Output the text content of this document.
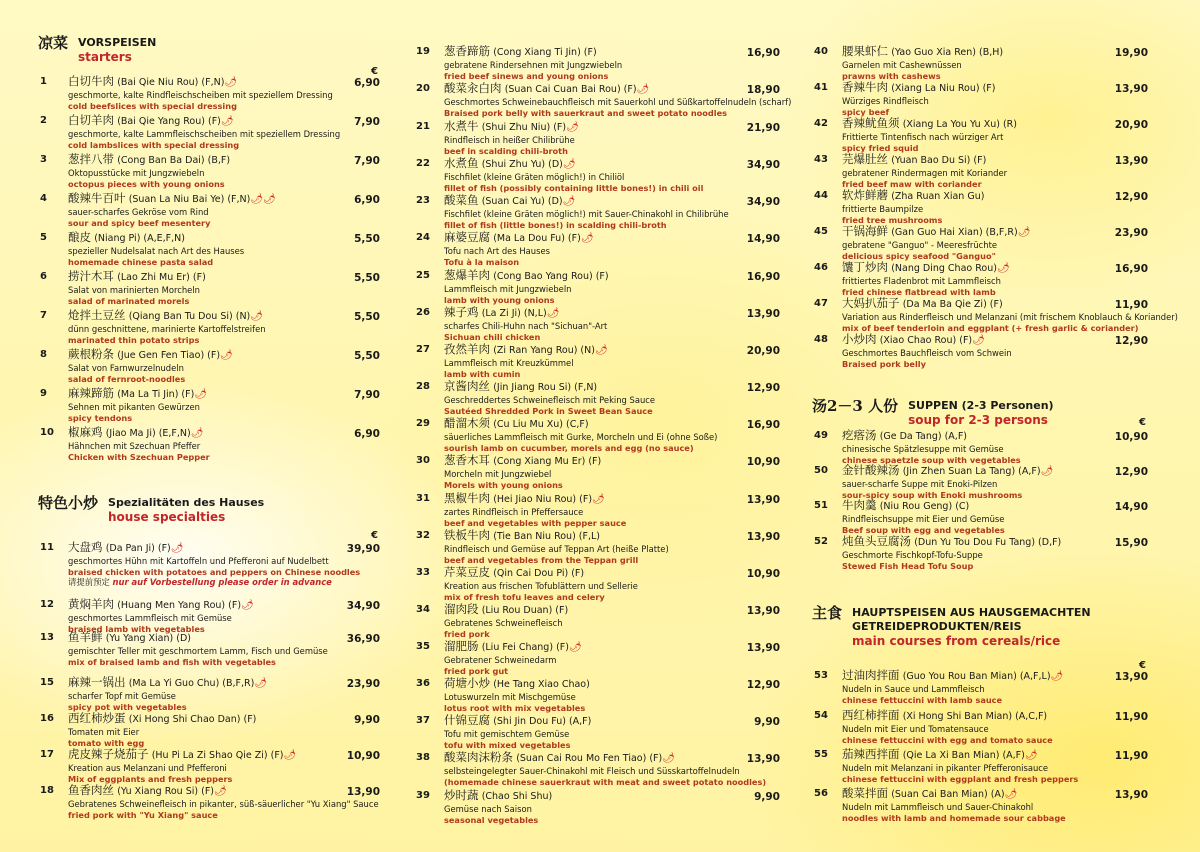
凉菜 VORSPEISEN
starters
€
1	白切牛肉 (Bai Qie Niu Rou) (F,N)🌶
geschmorte, kalte Rindfleischscheiben mit speziellem Dressing
cold beefslices with special dressing
6,90
2	白切羊肉 (Bai Qie Yang Rou) (F)🌶
geschmorte, kalte Lammfleischscheiben mit speziellem Dressing
cold lambslices with special dressing
7,90
3	葱拌八带 (Cong Ban Ba Dai) (B,F)
Oktopusstücke mit Jungzwiebeln
octopus pieces with young onions
7,90
4	酸辣牛百叶 (Suan La Niu Bai Ye) (F,N)🌶🌶
sauer-scharfes Gekröse vom Rind
sour and spicy beef mesentery
6,90
5	酿皮 (Niang Pi) (A,E,F,N)
spezieller Nudelsalat nach Art des Hauses
homemade chinese pasta salad
5,50
6	捞汁木耳 (Lao Zhi Mu Er) (F)
Salat von marinierten Morcheln
salad of marinated morels
5,50
7	炝拌土豆丝 (Qiang Ban Tu Dou Si) (N)🌶
dünn geschnittene, marinierte Kartoffelstreifen
marinated thin potato strips
5,50
8	蕨根粉条 (Jue Gen Fen Tiao) (F)🌶
Salat von Farnwurzelnudeln
salad of fernroot-noodles
5,50
9	麻辣蹄筋 (Ma La Ti Jin) (F)🌶
Sehnen mit pikanten Gewürzen
spicy tendons
7,90
10	椒麻鸡 (Jiao Ma Ji) (E,F,N)🌶
Hähnchen mit Szechuan Pfeffer
Chicken with Szechuan Pepper
6,90
特色小炒 Spezialitäten des Hauses
house specialties
€
11	大盘鸡 (Da Pan Ji) (F)🌶
geschmortes Hühn mit Kartoffeln und Pfefferoni auf Nudelbett
braised chicken with potatoes and peppers on Chinese noodles
39,90
12	黄焖羊肉 (Huang Men Yang Rou) (F)🌶
geschmortes Lammfleisch mit Gemüse
braised lamb with vegetables
34,90
13	鱼羊鲜 (Yu Yang Xian) (D)
gemischter Teller mit geschmortem Lamm, Fisch und Gemüse
mix of braised lamb and fish with vegetables
36,90
15	麻辣一锅出 (Ma La Yi Guo Chu) (B,F,R)🌶
scharfer Topf mit Gemüse
spicy pot with vegetables
23,90
16	西红柿炒蛋 (Xi Hong Shi Chao Dan) (F)
Tomaten mit Eier
tomato with egg
9,90
17	虎皮辣子烧茄子 (Hu Pi La Zi Shao Qie Zi) (F)🌶
Kreation aus Melanzani und Pfefferoni
Mix of eggplants and fresh peppers
10,90
18	鱼香肉丝 (Yu Xiang Rou Si) (F)🌶
Gebratenes Schweinefleisch in pikanter, süß-säuerlicher "Yu Xiang" Sauce
fried pork with "Yu Xiang" sauce
13,90
请提前预定 nur auf Vorbestellung please order in advance
19	葱香蹄筋 (Cong Xiang Ti Jin) (F)
gebratene Rindersehnen mit Jungzwiebeln
fried beef sinews and young onions
16,90
20	酸菜汆白肉 (Suan Cai Cuan Bai Rou) (F)🌶
Geschmortes Schweinebauchfleisch mit Sauerkohl und Süßkartoffelnudeln (scharf)
Braised pork belly with sauerkraut and sweet potato noodles
18,90
21	水煮牛 (Shui Zhu Niu) (F)🌶
Rindfleisch in heißer Chilibrühe
beef in scalding chili-broth
21,90
22	水煮鱼 (Shui Zhu Yu) (D)🌶
Fischfilet (kleine Gräten möglich!) in Chiliöl
fillet of fish (possibly containing little bones!) in chili oil
34,90
23	酸菜鱼 (Suan Cai Yu) (D)🌶
Fischfilet (kleine Gräten möglich!) mit Sauer-Chinakohl in Chilibrühe
fillet of fish (little bones!) in scalding chili-broth
34,90
24	麻婆豆腐 (Ma La Dou Fu) (F)🌶
Tofu nach Art des Hauses
Tofu à la maison
14,90
25	葱爆羊肉 (Cong Bao Yang Rou) (F)
Lammfleisch mit Jungzwiebeln
lamb with young onions
16,90
26	辣子鸡 (La Zi Ji) (N,L)🌶
scharfes Chili-Huhn nach "Sichuan"-Art
Sichuan chili chicken
13,90
27	孜然羊肉 (Zi Ran Yang Rou) (N)🌶
Lammfleisch mit Kreuzkümmel
lamb with cumin
20,90
28	京酱肉丝 (Jin Jiang Rou Si) (F,N)
Geschreddertes Schweinefleisch mit Peking Sauce
Sautéed Shredded Pork in Sweet Bean Sauce
12,90
29	醋溜木须 (Cu Liu Mu Xu) (C,F)
säuerliches Lammfleisch mit Gurke, Morcheln und Ei (ohne Soße)
sourish lamb on cucumber, morels and egg (no sauce)
16,90
30	葱香木耳 (Cong Xiang Mu Er) (F)
Morcheln mit Jungzwiebel
Morels with young onions
10,90
31	黑椒牛肉 (Hei Jiao Niu Rou) (F)🌶
zartes Rindfleisch in Pfeffersauce
beef and vegetables with pepper sauce
13,90
32	铁板牛肉 (Tie Ban Niu Rou) (F,L)
Rindfleisch und Gemüse auf Teppan Art (heiße Platte)
beef and vegetables from the Teppan grill
13,90
33	芹菜豆皮 (Qin Cai Dou Pi) (F)
Kreation aus frischen Tofublättern und Sellerie
mix of fresh tofu leaves and celery
10,90
34	溜肉段 (Liu Rou Duan) (F)
Gebratenes Schweinefleisch
fried pork
13,90
35	溜肥肠 (Liu Fei Chang) (F)🌶
Gebratener Schweinedarm
fried pork gut
13,90
36	荷塘小炒 (He Tang Xiao Chao)
Lotuswurzeln mit Mischgemüse
lotus root with mix vegetables
12,90
37	什锦豆腐 (Shi Jin Dou Fu) (A,F)
Tofu mit gemischtem Gemüse
tofu with mixed vegetables
9,90
38	酸菜肉沫粉条 (Suan Cai Rou Mo Fen Tiao) (F)🌶
selbsteingelegter Sauer-Chinakohl mit Fleisch und Süsskartoffelnudeln
(homemade chinese sauerkraut with meat and sweet potato noodles)
13,90
39	炒时蔬 (Chao Shi Shu)
Gemüse nach Saison
seasonal vegetables
9,90
40	腰果虾仁 (Yao Guo Xia Ren) (B,H)
Garnelen mit Cashewnüssen
prawns with cashews
19,90
41	香辣牛肉 (Xiang La Niu Rou) (F)
Würziges Rindfleisch
spicy beef
13,90
42	香辣鱿鱼须 (Xiang La You Yu Xu) (R)
Frittierte Tintenfisch nach würziger Art
spicy fried squid
20,90
43	芫爆肚丝 (Yuan Bao Du Si) (F)
gebratener Rindermagen mit Koriander
fried beef maw with coriander
13,90
44	软炸鲜蘑 (Zha Ruan Xian Gu)
frittierte Baumpilze
fried tree mushrooms
12,90
45	干锅海鲜 (Gan Guo Hai Xian) (B,F,R)🌶
gebratene "Ganguo" - Meeresfrüchte
delicious spicy seafood "Ganguo"
23,90
46	馕丁炒肉 (Nang Ding Chao Rou)🌶
frittiertes Fladenbrot mit Lammfleisch
fried chinese flatbread with lamb
16,90
47	大妈扒茄子 (Da Ma Ba Qie Zi) (F)
Variation aus Rinderfleisch und Melanzani (mit frischem Knoblauch & Koriander)
mix of beef tenderloin and eggplant (+ fresh garlic & coriander)
11,90
48	小炒肉 (Xiao Chao Rou) (F)🌶
Geschmortes Bauchfleisch vom Schwein
Braised pork belly
12,90
汤2－3 人份 SUPPEN (2-3 Personen)
soup for 2-3 persons	€
49	疙瘩汤 (Ge Da Tang) (A,F)
chinesische Spätzlesuppe mit Gemüse
chinese spaetzle soup with vegetables
10,90
50	金针酸辣汤 (Jin Zhen Suan La Tang) (A,F)🌶
sauer-scharfe Suppe mit Enoki-Pilzen
sour-spicy soup with Enoki mushrooms
12,90
51	牛肉羹 (Niu Rou Geng) (C)
Rindfleischsuppe mit Eier und Gemüse
Beef soup with egg and vegetables
14,90
52	炖鱼头豆腐汤 (Dun Yu Tou Dou Fu Tang) (D,F)
Geschmorte Fischkopf-Tofu-Suppe
Stewed Fish Head Tofu Soup
15,90
主食 HAUPTSPEISEN AUS HAUSGEMACHTEN GETREIDEPRODUKTEN/REIS
main courses from cereals/rice
€
53	过油肉拌面 (Guo You Rou Ban Mian) (A,F,L)🌶
Nudeln in Sauce und Lammfleisch
chinese fettuccini with lamb sauce
13,90
54	西红柿拌面 (Xi Hong Shi Ban Mian) (A,C,F)
Nudeln mit Eier und Tomatensauce
chinese fettuccini with egg and tomato sauce
11,90
55	茄辣西拌面 (Qie La Xi Ban Mian) (A,F)🌶
Nudeln mit Melanzani in pikanter Pfefferonisauce
chinese fettuccini with eggplant and fresh peppers
11,90
56	酸菜拌面 (Suan Cai Ban Mian) (A)🌶
Nudeln mit Lammfleisch und Sauer-Chinakohl
noodles with lamb and homemade sour cabbage
13,90
